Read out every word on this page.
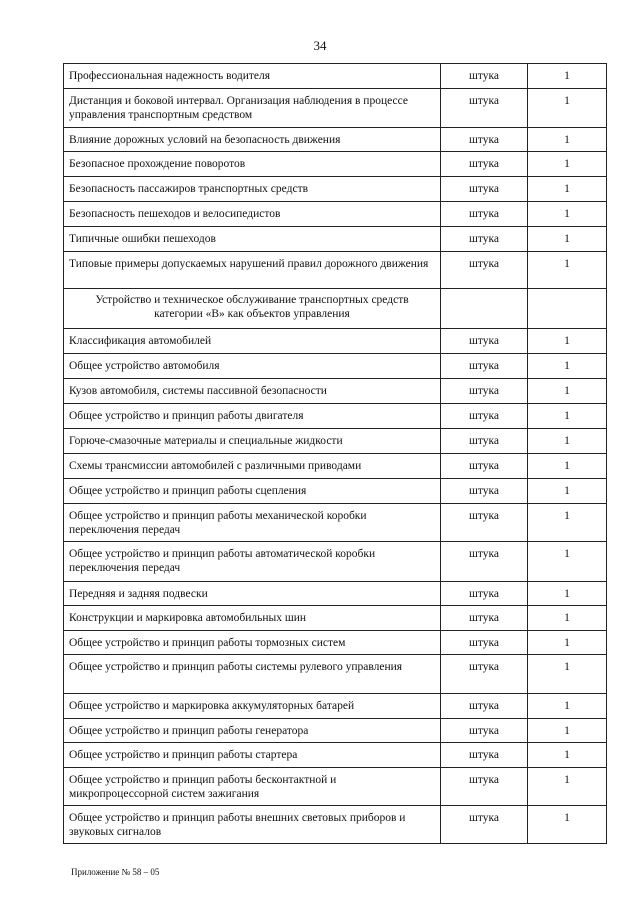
34
Профессиональная надежность водителя	штука	1
Дистанция и боковой интервал. Организация наблюдения в процессе управления транспортным средством	штука	1
Влияние дорожных условий на безопасность движения	штука	1
Безопасное прохождение поворотов	штука	1
Безопасность пассажиров транспортных средств	штука	1
Безопасность пешеходов и велосипедистов	штука	1
Типичные ошибки пешеходов	штука	1
Типовые примеры допускаемых нарушений правил дорожного движения	штука	1
Устройство и техническое обслуживание транспортных средств категории «В» как объектов управления		
Классификация автомобилей	штука	1
Общее устройство автомобиля	штука	1
Кузов автомобиля, системы пассивной безопасности	штука	1
Общее устройство и принцип работы двигателя	штука	1
Горюче-смазочные материалы и специальные жидкости	штука	1
Схемы трансмиссии автомобилей с различными приводами	штука	1
Общее устройство и принцип работы сцепления	штука	1
Общее устройство и принцип работы механической коробки переключения передач	штука	1
Общее устройство и принцип работы автоматической коробки переключения передач	штука	1
Передняя и задняя подвески	штука	1
Конструкции и маркировка автомобильных шин	штука	1
Общее устройство и принцип работы тормозных систем	штука	1
Общее устройство и принцип работы системы рулевого управления	штука	1
Общее устройство и маркировка аккумуляторных батарей	штука	1
Общее устройство и принцип работы генератора	штука	1
Общее устройство и принцип работы стартера	штука	1
Общее устройство и принцип работы бесконтактной и микропроцессорной систем зажигания	штука	1
Общее устройство и принцип работы внешних световых приборов и звуковых сигналов	штука	1
Приложение № 58 – 05
